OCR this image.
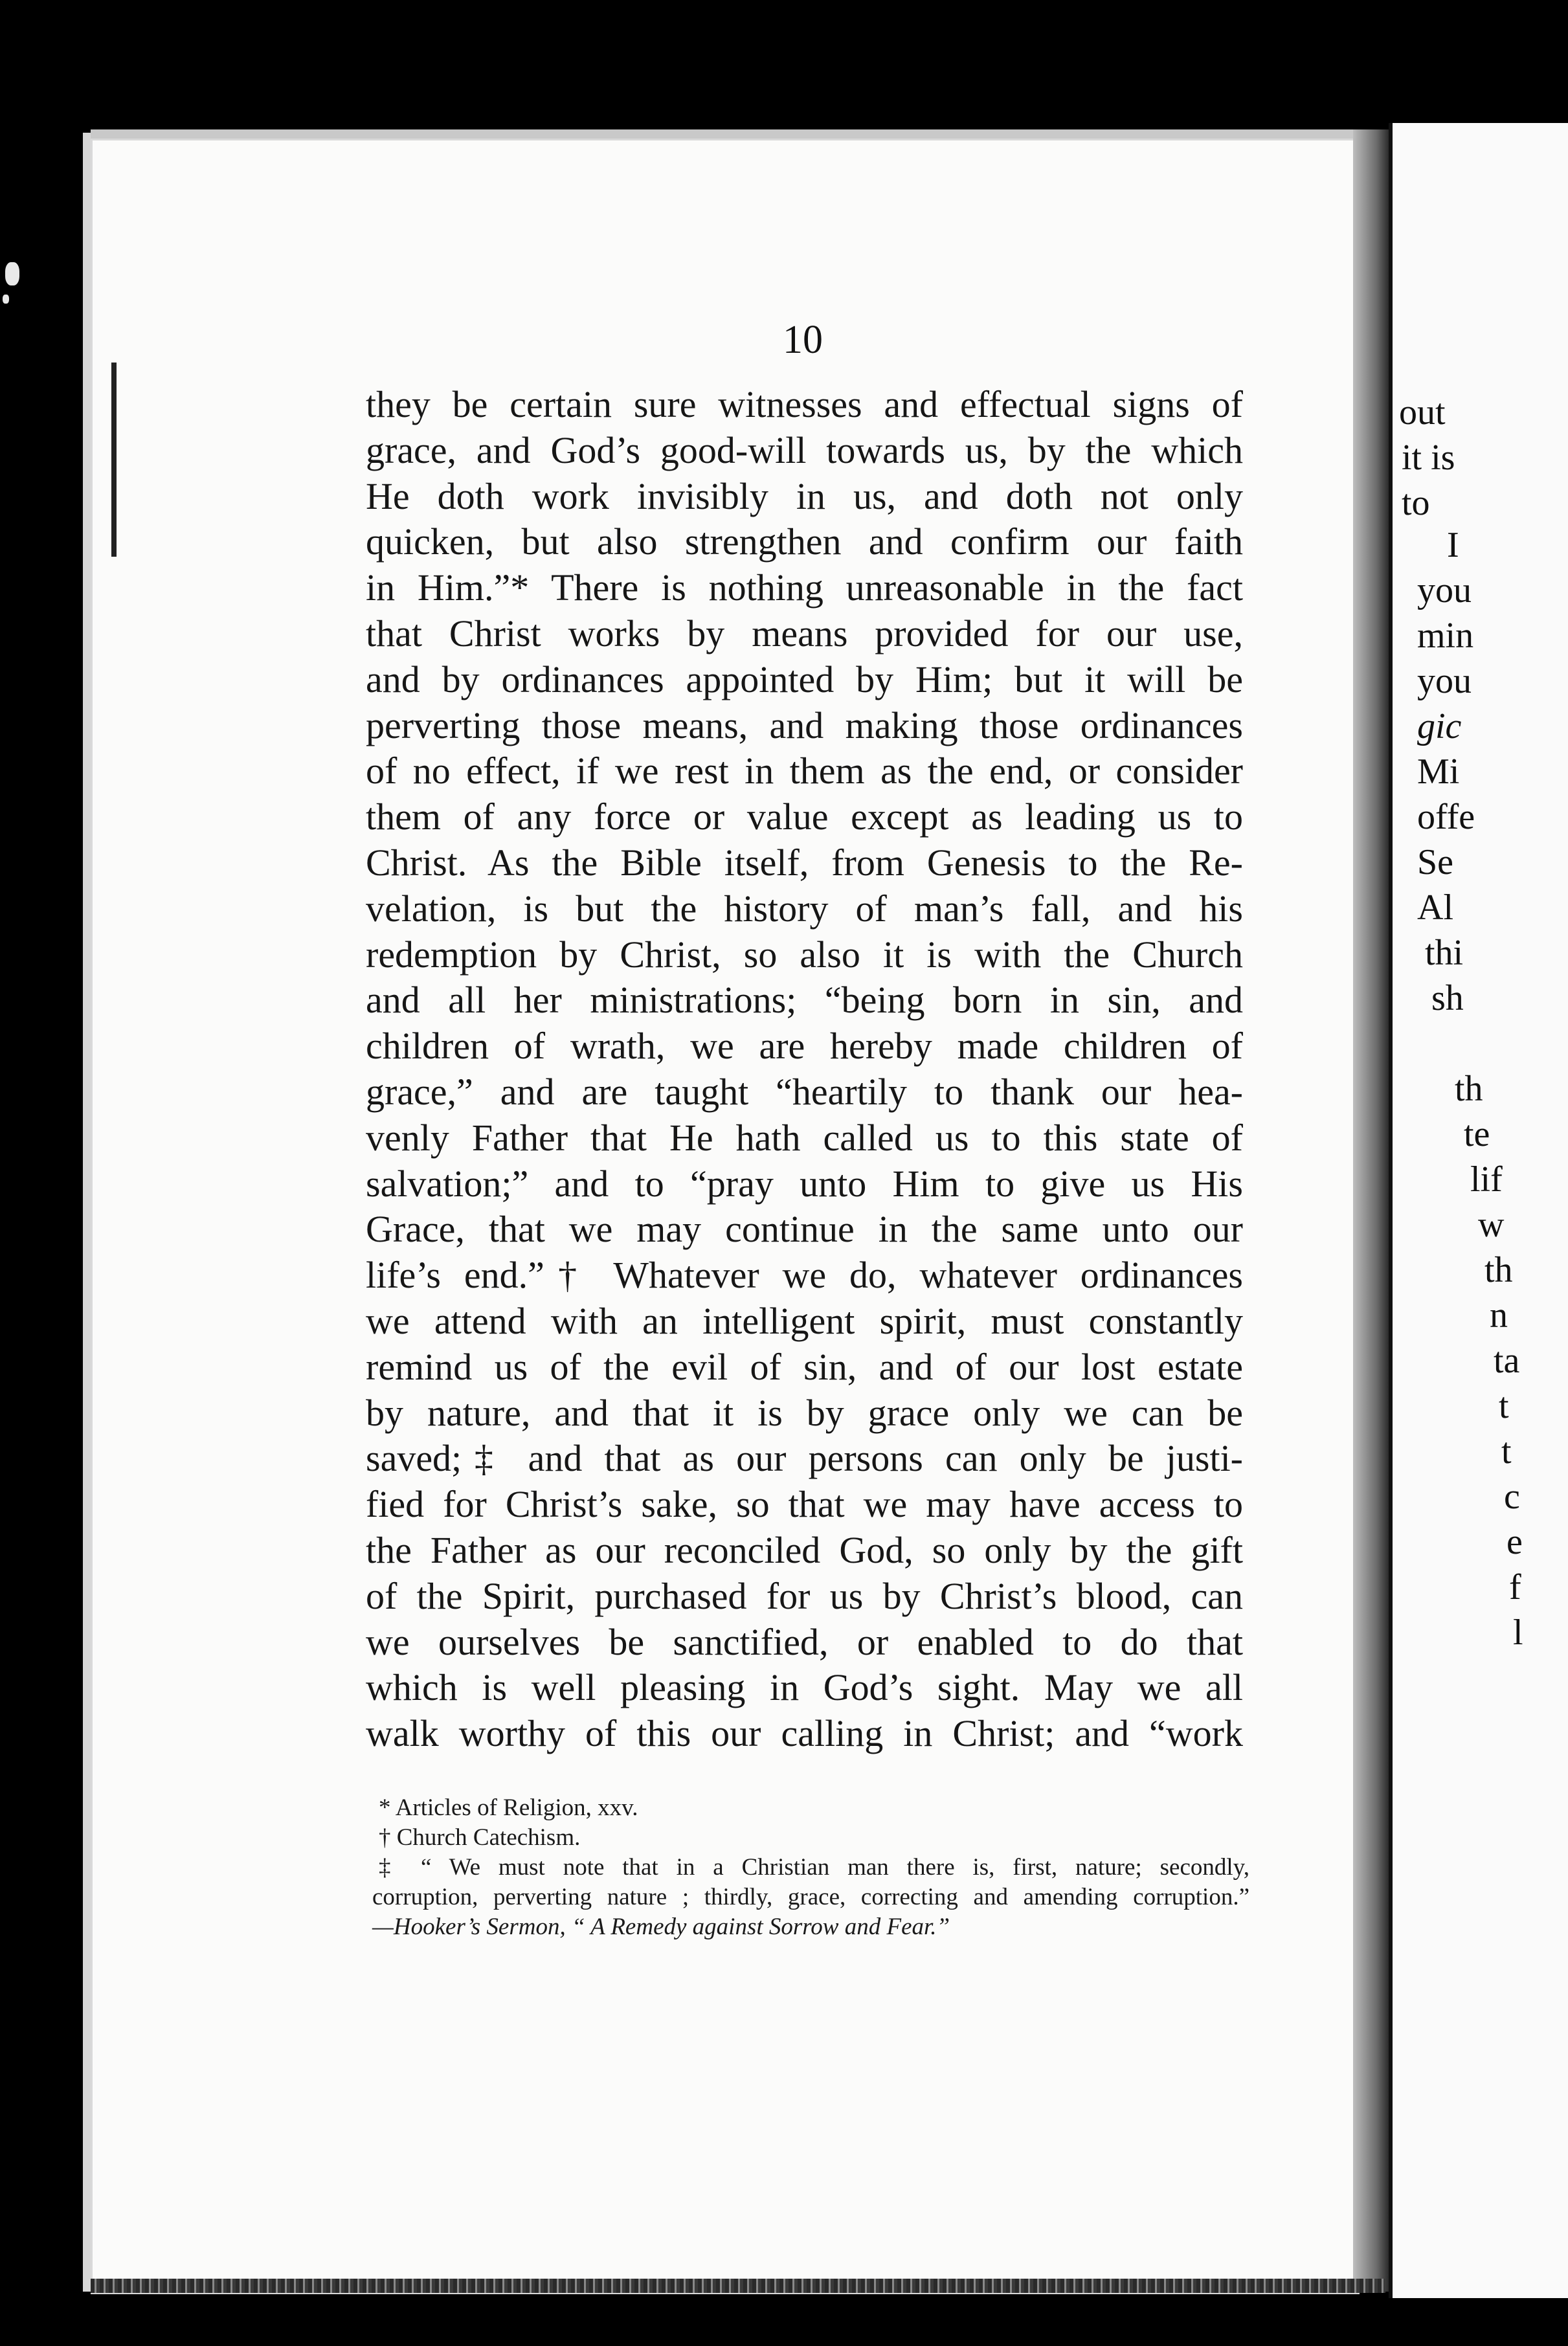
10
they be certain sure witnesses and effectual signs of
grace, and God’s good-will towards us, by the which
He doth work invisibly in us, and doth not only
quicken, but also strengthen and confirm our faith
in Him.”* There is nothing unreasonable in the fact
that Christ works by means provided for our use,
and by ordinances appointed by Him; but it will be
perverting those means, and making those ordinances
of no effect, if we rest in them as the end, or consider
them of any force or value except as leading us to
Christ. As the Bible itself, from Genesis to the Re-
velation, is but the history of man’s fall, and his
redemption by Christ, so also it is with the Church
and all her ministrations; “being born in sin, and
children of wrath, we are hereby made children of
grace,” and are taught “heartily to thank our hea-
venly Father that He hath called us to this state of
salvation;” and to “pray unto Him to give us His
Grace, that we may continue in the same unto our
life’s end.”† Whatever we do, whatever ordinances
we attend with an intelligent spirit, must constantly
remind us of the evil of sin, and of our lost estate
by nature, and that it is by grace only we can be
saved;‡ and that as our persons can only be justi-
fied for Christ’s sake, so that we may have access to
the Father as our reconciled God, so only by the gift
of the Spirit, purchased for us by Christ’s blood, can
we ourselves be sanctified, or enabled to do that
which is well pleasing in God’s sight. May we all
walk worthy of this our calling in Christ; and “work
* Articles of Religion, xxv.
† Church Catechism.
‡ “ We must note that in a Christian man there is, first, nature; secondly,
corruption, perverting nature ; thirdly, grace, correcting and amending corruption.”
—Hooker’s Sermon, “ A Remedy against Sorrow and Fear.”
out
it is
to
I
you
min
you
gic
Mi
offe
Se
Al
thi
sh
th
te
lif
w
th
n
ta
t
t
c
e
f
l
